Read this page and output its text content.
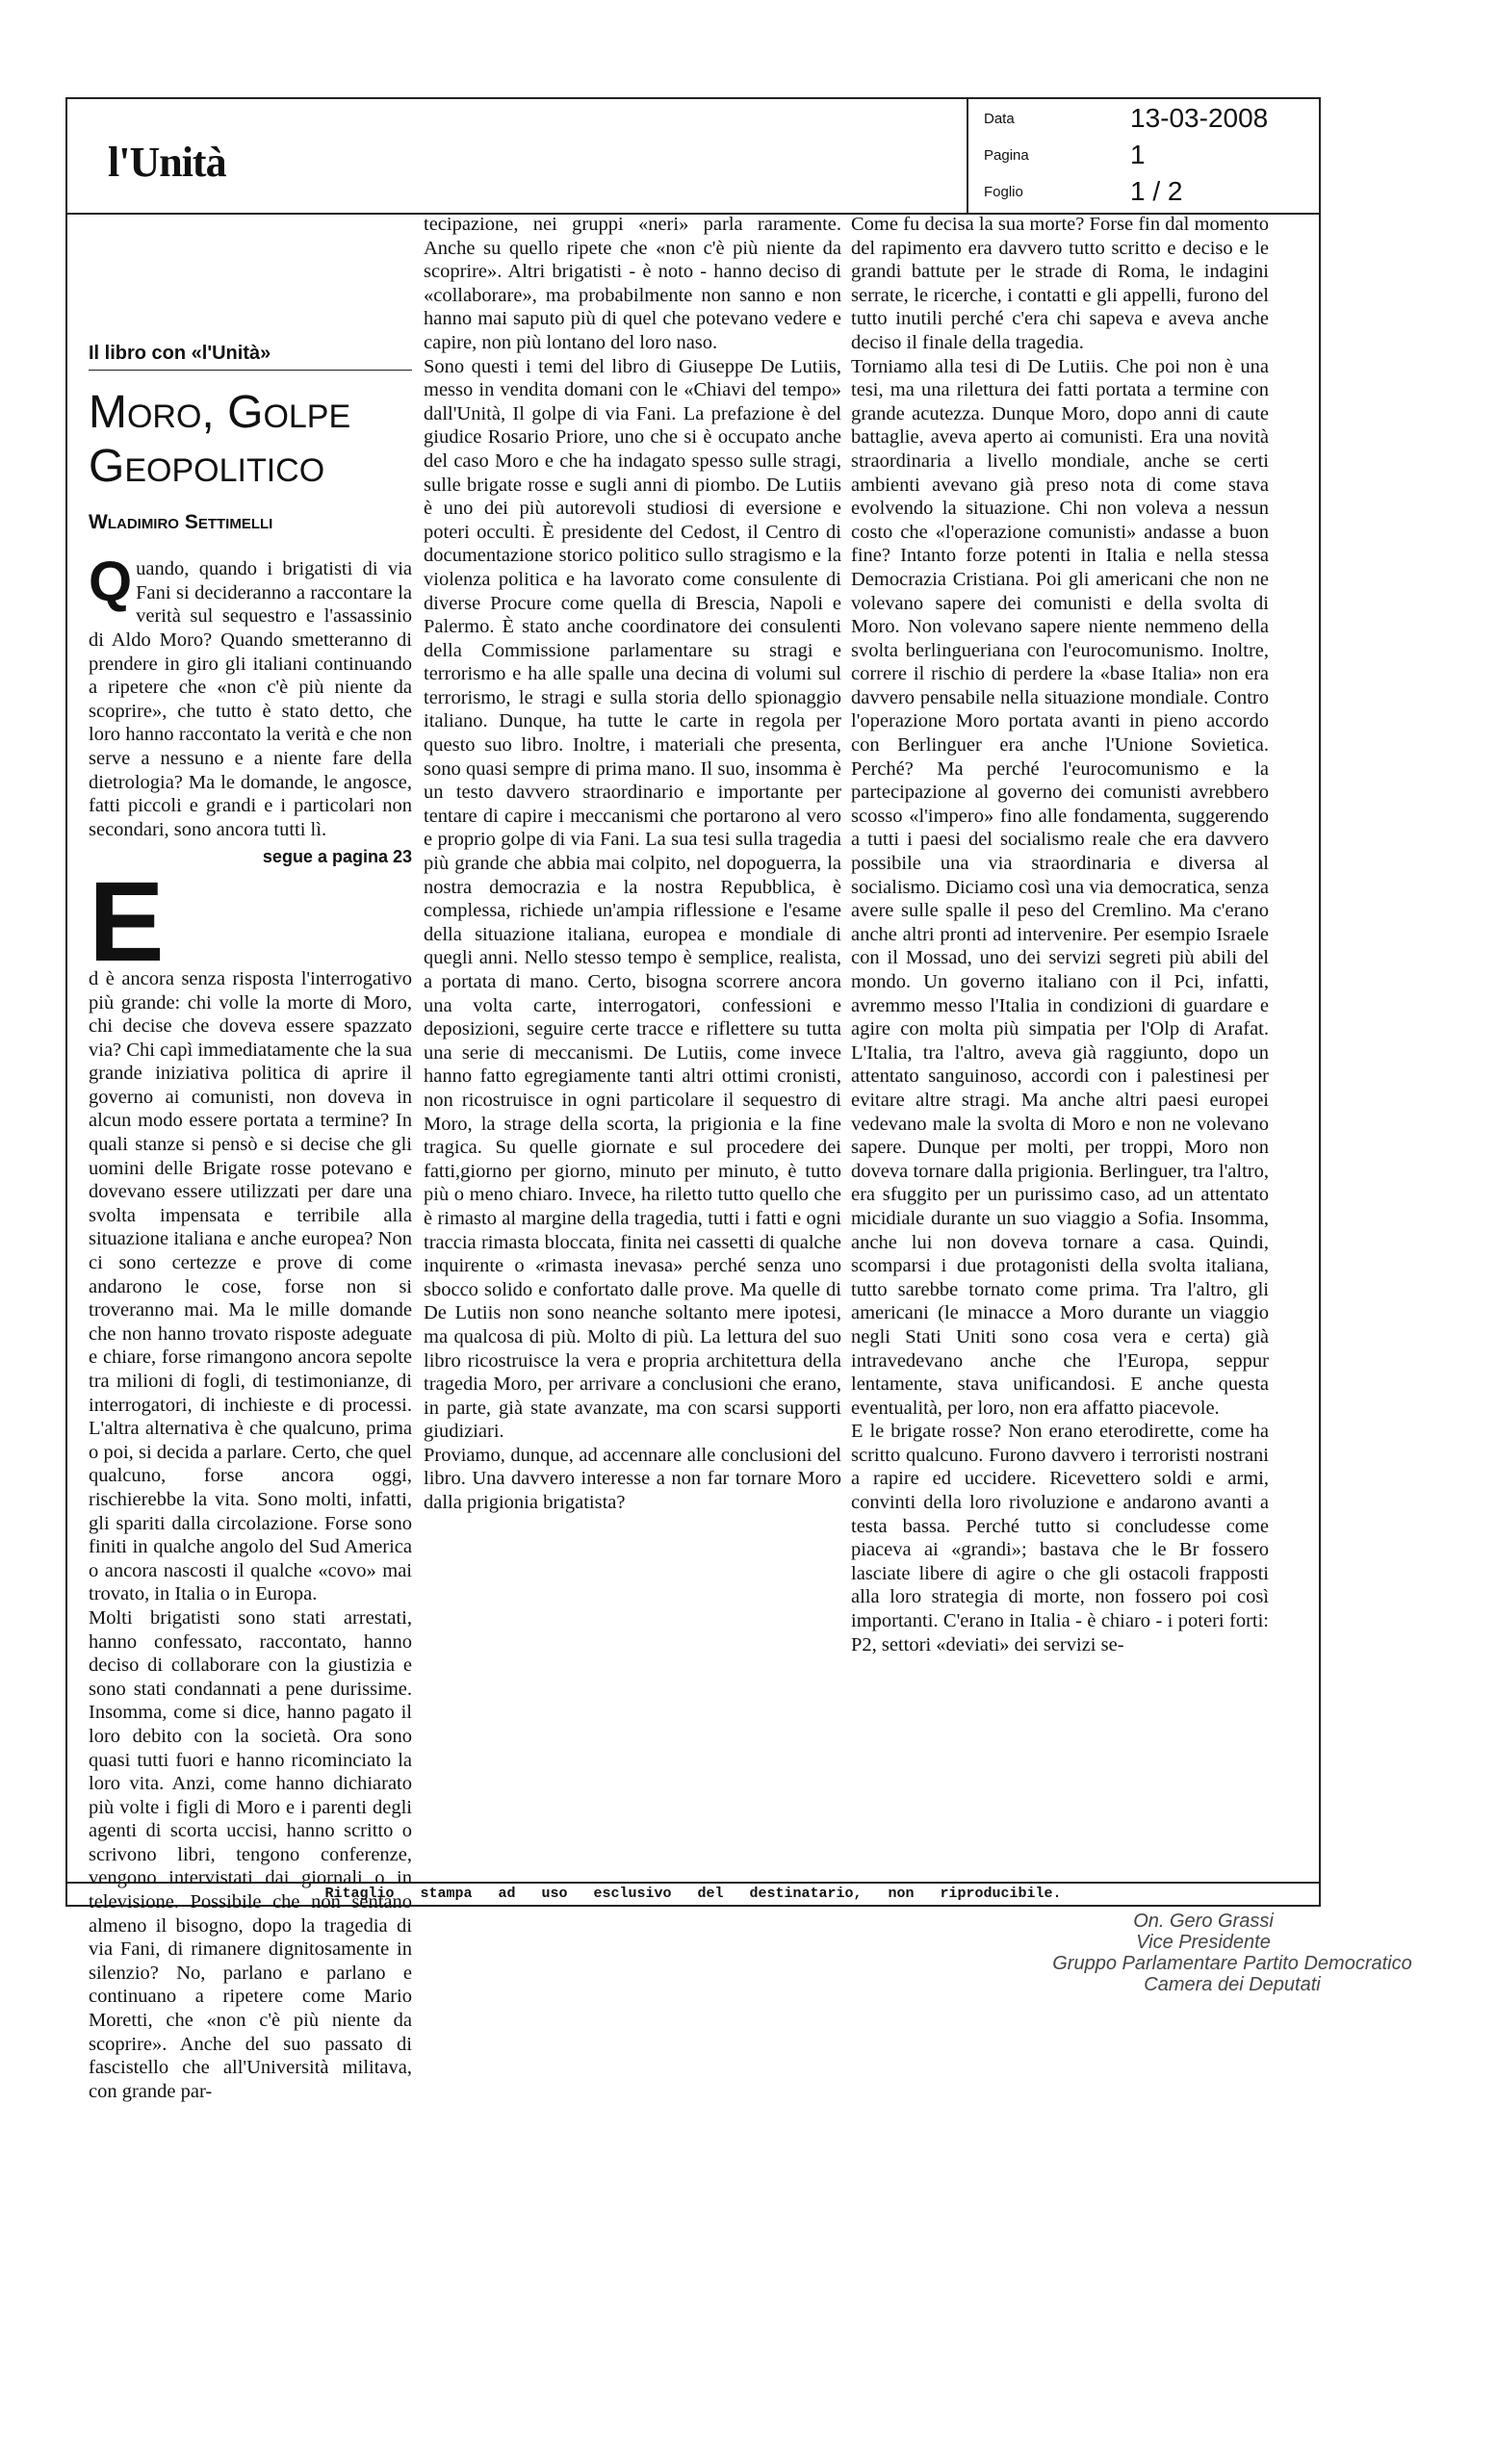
l'Unità
Data	13-03-2008
Pagina	1
Foglio	1 / 2
Il libro con «l'Unità»
Moro, Golpe Geopolitico
Wladimiro Settimelli

Quando, quando i brigatisti di via Fani si decideranno a raccontare la verità sul sequestro e l'assassinio di Aldo Moro? Quando smetteranno di prendere in giro gli italiani continuando a ripetere che «non c'è più niente da scoprire», che tutto è stato detto, che loro hanno raccontato la verità e che non serve a nessuno e a niente fare della dietrologia? Ma le domande, le angosce, fatti piccoli e grandi e i particolari non secondari, sono ancora tutti lì.

segue a pagina 23
E

d è ancora senza risposta l'interrogativo più grande: chi volle la morte di Moro, chi decise che doveva essere spazzato via? Chi capì immediatamente che la sua grande iniziativa politica di aprire il governo ai comunisti, non doveva in alcun modo essere portata a termine? In quali stanze si pensò e si decise che gli uomini delle Brigate rosse potevano e dovevano essere utilizzati per dare una svolta impensata e terribile alla situazione italiana e anche europea? Non ci sono certezze e prove di come andarono le cose, forse non si troveranno mai. Ma le mille domande che non hanno trovato risposte adeguate e chiare, forse rimangono ancora sepolte tra milioni di fogli, di testimonianze, di interrogatori, di inchieste e di processi. L'altra alternativa è che qualcuno, prima o poi, si decida a parlare. Certo, che quel qualcuno, forse ancora oggi, rischierebbe la vita. Sono molti, infatti, gli spariti dalla circolazione. Forse sono finiti in qualche angolo del Sud America o ancora nascosti il qualche «covo» mai trovato, in Italia o in Europa.

Molti brigatisti sono stati arrestati, hanno confessato, raccontato, hanno deciso di collaborare con la giustizia e sono stati condannati a pene durissime. Insomma, come si dice, hanno pagato il loro debito con la società. Ora sono quasi tutti fuori e hanno ricominciato la loro vita. Anzi, come hanno dichiarato più volte i figli di Moro e i parenti degli agenti di scorta uccisi, hanno scritto o scrivono libri, tengono conferenze, vengono intervistati dai giornali o in televisione. Possibile che non sentano almeno il bisogno, dopo la tragedia di via Fani, di rimanere dignitosamente in silenzio? No, parlano e parlano e continuano a ripetere come Mario Moretti, che «non c'è più niente da scoprire». Anche del suo passato di fascistello che all'Università militava, con grande par-

tecipazione, nei gruppi «neri» parla raramente. Anche su quello ripete che «non c'è più niente da scoprire». Altri brigatisti - è noto - hanno deciso di «collaborare», ma probabilmente non sanno e non hanno mai saputo più di quel che potevano vedere e capire, non più lontano del loro naso.

Sono questi i temi del libro di Giuseppe De Lutiis, messo in vendita domani con le «Chiavi del tempo» dall'Unità, Il golpe di via Fani. La prefazione è del giudice Rosario Priore, uno che si è occupato anche del caso Moro e che ha indagato spesso sulle stragi, sulle brigate rosse e sugli anni di piombo. De Lutiis è uno dei più autorevoli studiosi di eversione e poteri occulti. È presidente del Cedost, il Centro di documentazione storico politico sullo stragismo e la violenza politica e ha lavorato come consulente di diverse Procure come quella di Brescia, Napoli e Palermo. È stato anche coordinatore dei consulenti della Commissione parlamentare su stragi e terrorismo e ha alle spalle una decina di volumi sul terrorismo, le stragi e sulla storia dello spionaggio italiano. Dunque, ha tutte le carte in regola per questo suo libro. Inoltre, i materiali che presenta, sono quasi sempre di prima mano. Il suo, insomma è un testo davvero straordinario e importante per tentare di capire i meccanismi che portarono al vero e proprio golpe di via Fani. La sua tesi sulla tragedia più grande che abbia mai colpito, nel dopoguerra, la nostra democrazia e la nostra Repubblica, è complessa, richiede un'ampia riflessione e l'esame della situazione italiana, europea e mondiale di quegli anni. Nello stesso tempo è semplice, realista, a portata di mano. Certo, bisogna scorrere ancora una volta carte, interrogatori, confessioni e deposizioni, seguire certe tracce e riflettere su tutta una serie di meccanismi. De Lutiis, come invece hanno fatto egregiamente tanti altri ottimi cronisti, non ricostruisce in ogni particolare il sequestro di Moro, la strage della scorta, la prigionia e la fine tragica. Su quelle giornate e sul procedere dei fatti,giorno per giorno, minuto per minuto, è tutto più o meno chiaro. Invece, ha riletto tutto quello che è rimasto al margine della tragedia, tutti i fatti e ogni traccia rimasta bloccata, finita nei cassetti di qualche inquirente o «rimasta inevasa» perché senza uno sbocco solido e confortato dalle prove. Ma quelle di De Lutiis non sono neanche soltanto mere ipotesi, ma qualcosa di più. Molto di più. La lettura del suo libro ricostruisce la vera e propria architettura della tragedia Moro, per arrivare a conclusioni che erano, in parte, già state avanzate, ma con scarsi supporti giudiziari.

Proviamo, dunque, ad accennare alle conclusioni del libro. Una davvero interesse a non far tornare Moro dalla prigionia brigatista?

Come fu decisa la sua morte? Forse fin dal momento del rapimento era davvero tutto scritto e deciso e le grandi battute per le strade di Roma, le indagini serrate, le ricerche, i contatti e gli appelli, furono del tutto inutili perché c'era chi sapeva e aveva anche deciso il finale della tragedia.

Torniamo alla tesi di De Lutiis. Che poi non è una tesi, ma una rilettura dei fatti portata a termine con grande acutezza. Dunque Moro, dopo anni di caute battaglie, aveva aperto ai comunisti. Era una novità straordinaria a livello mondiale, anche se certi ambienti avevano già preso nota di come stava evolvendo la situazione. Chi non voleva a nessun costo che «l'operazione comunisti» andasse a buon fine? Intanto forze potenti in Italia e nella stessa Democrazia Cristiana. Poi gli americani che non ne volevano sapere dei comunisti e della svolta di Moro. Non volevano sapere niente nemmeno della svolta berlingueriana con l'eurocomunismo. Inoltre, correre il rischio di perdere la «base Italia» non era davvero pensabile nella situazione mondiale. Contro l'operazione Moro portata avanti in pieno accordo con Berlinguer era anche l'Unione Sovietica. Perché? Ma perché l'eurocomunismo e la partecipazione al governo dei comunisti avrebbero scosso «l'impero» fino alle fondamenta, suggerendo a tutti i paesi del socialismo reale che era davvero possibile una via straordinaria e diversa al socialismo. Diciamo così una via democratica, senza avere sulle spalle il peso del Cremlino. Ma c'erano anche altri pronti ad intervenire. Per esempio Israele con il Mossad, uno dei servizi segreti più abili del mondo. Un governo italiano con il Pci, infatti, avremmo messo l'Italia in condizioni di guardare e agire con molta più simpatia per l'Olp di Arafat. L'Italia, tra l'altro, aveva già raggiunto, dopo un attentato sanguinoso, accordi con i palestinesi per evitare altre stragi. Ma anche altri paesi europei vedevano male la svolta di Moro e non ne volevano sapere. Dunque per molti, per troppi, Moro non doveva tornare dalla prigionia. Berlinguer, tra l'altro, era sfuggito per un purissimo caso, ad un attentato micidiale durante un suo viaggio a Sofia. Insomma, anche lui non doveva tornare a casa. Quindi, scomparsi i due protagonisti della svolta italiana, tutto sarebbe tornato come prima. Tra l'altro, gli americani (le minacce a Moro durante un viaggio negli Stati Uniti sono cosa vera e certa) già intravedevano anche che l'Europa, seppur lentamente, stava unificandosi. E anche questa eventualità, per loro, non era affatto piacevole.

E le brigate rosse? Non erano eterodirette, come ha scritto qualcuno. Furono davvero i terroristi nostrani a rapire ed uccidere. Ricevettero soldi e armi, convinti della loro rivoluzione e andarono avanti a testa bassa. Perché tutto si concludesse come piaceva ai «grandi»; bastava che le Br fossero lasciate libere di agire o che gli ostacoli frapposti alla loro strategia di morte, non fossero poi così importanti. C'erano in Italia - è chiaro - i poteri forti: P2, settori «deviati» dei servizi se-

Ritaglio stampa ad uso esclusivo del destinatario, non riproducibile.
On. Gero Grassi
Vice Presidente
Gruppo Parlamentare Partito Democratico
Camera dei Deputati
